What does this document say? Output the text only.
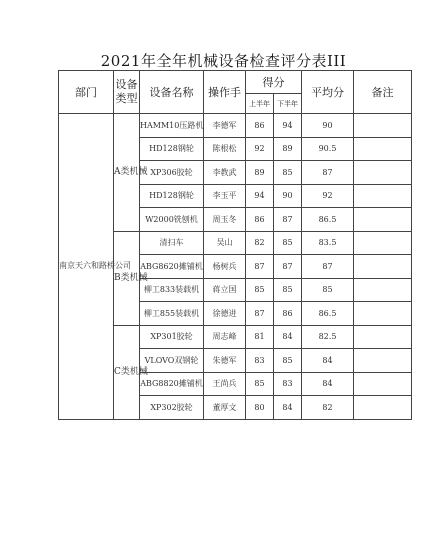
2021年全年机械设备检查评分表III
部门	设备类型	设备名称	操作手	得分		平均分	备注
				上半年	下半年		
南京天六和路桥公司	A类机械	HAMM10压路机	李德军	86	94	90	
		HD128钢轮	陈根松	92	89	90.5	
		XP306胶轮	李教武	89	85	87	
		HD128钢轮	李玉平	94	90	92	
		W2000铣刨机	周玉冬	86	87	86.5	
	B类机械	清扫车	吴山	82	85	83.5	
		ABG8620摊铺机	杨树兵	87	87	87	
		柳工833装载机	蒋立国	85	85	85	
		柳工855装载机	徐德进	87	86	86.5	
	C类机械	XP301胶轮	周志峰	81	84	82.5	
		VLOVO双钢轮	朱德军	83	85	84	
		ABG8820摊铺机	王尚兵	85	83	84	
		XP302胶轮	董厚文	80	84	82	
